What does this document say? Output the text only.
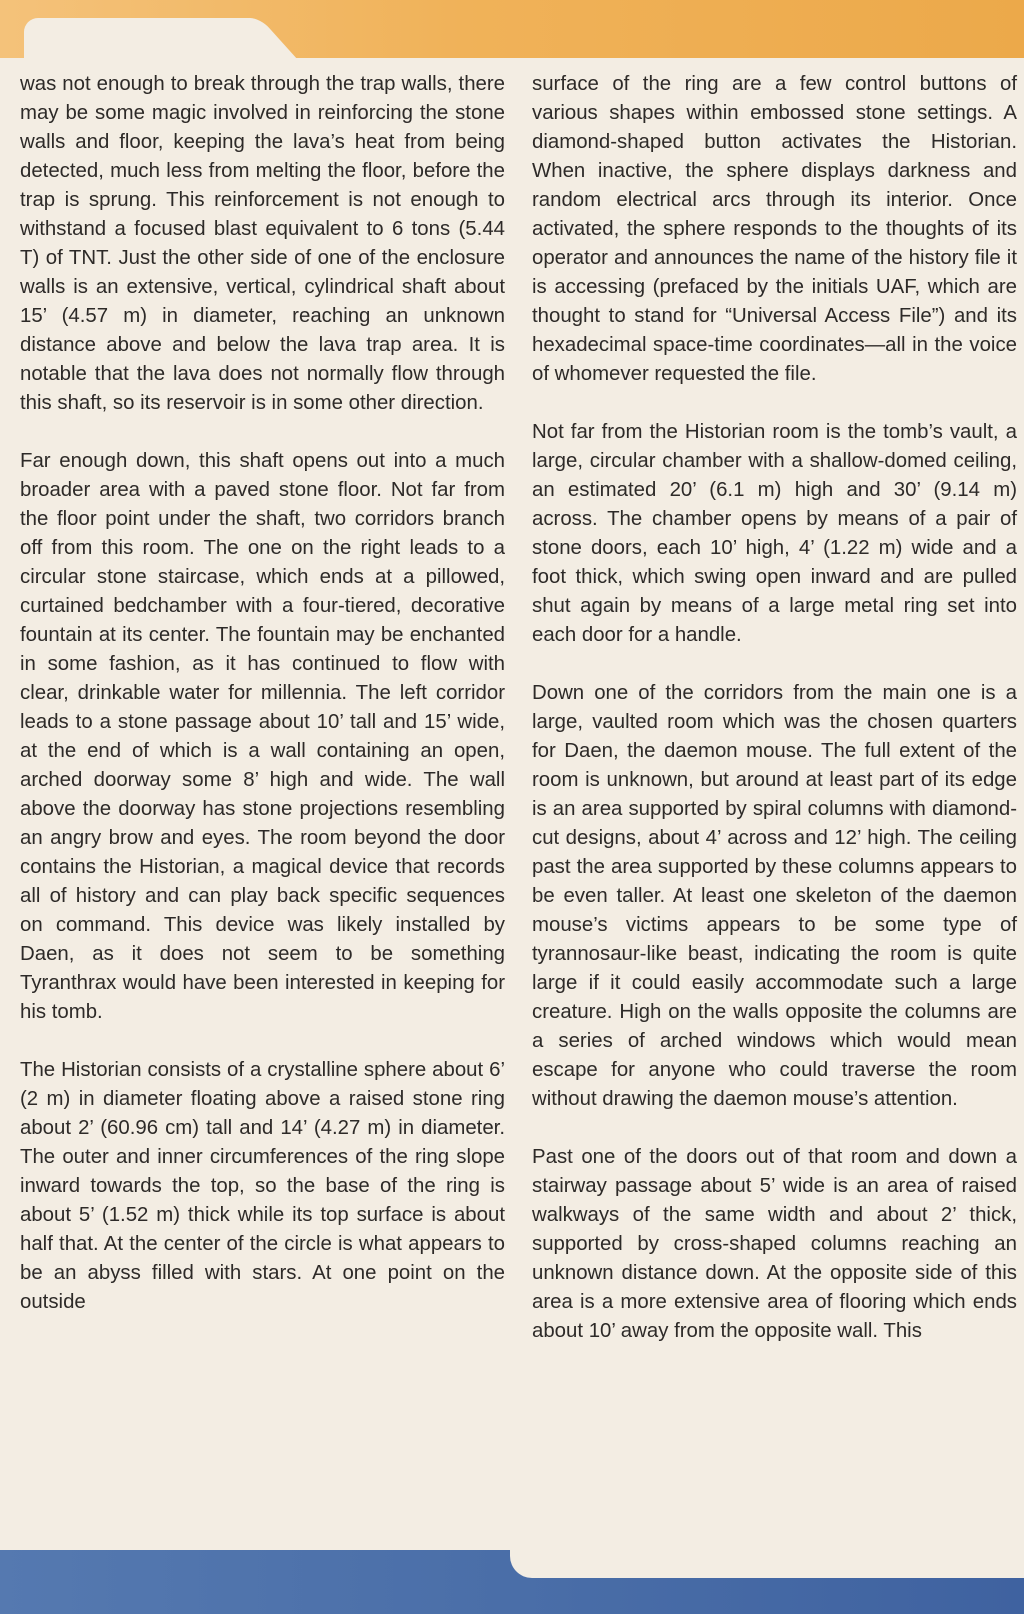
was not enough to break through the trap walls, there may be some magic involved in reinforcing the stone walls and floor, keeping the lava’s heat from being detected, much less from melting the floor, before the trap is sprung. This reinforcement is not enough to withstand a focused blast equivalent to 6 tons (5.44 T) of TNT. Just the other side of one of the enclosure walls is an extensive, vertical, cylindrical shaft about 15’ (4.57 m) in diameter, reaching an unknown distance above and below the lava trap area. It is notable that the lava does not normally flow through this shaft, so its reservoir is in some other direction.

Far enough down, this shaft opens out into a much broader area with a paved stone floor. Not far from the floor point under the shaft, two corridors branch off from this room. The one on the right leads to a circular stone staircase, which ends at a pillowed, curtained bedchamber with a four-tiered, decorative fountain at its center. The fountain may be enchanted in some fashion, as it has continued to flow with clear, drinkable water for millennia. The left corridor leads to a stone passage about 10’ tall and 15’ wide, at the end of which is a wall containing an open, arched doorway some 8’ high and wide. The wall above the doorway has stone projections resembling an angry brow and eyes. The room beyond the door contains the Historian, a magical device that records all of history and can play back specific sequences on command. This device was likely installed by Daen, as it does not seem to be something Tyranthrax would have been interested in keeping for his tomb.

The Historian consists of a crystalline sphere about 6’ (2 m) in diameter floating above a raised stone ring about 2’ (60.96 cm) tall and 14’ (4.27 m) in diameter. The outer and inner circumferences of the ring slope inward towards the top, so the base of the ring is about 5’ (1.52 m) thick while its top surface is about half that. At the center of the circle is what appears to be an abyss filled with stars. At one point on the outside

surface of the ring are a few control buttons of various shapes within embossed stone settings. A diamond-shaped button activates the Historian. When inactive, the sphere displays darkness and random electrical arcs through its interior. Once activated, the sphere responds to the thoughts of its operator and announces the name of the history file it is accessing (prefaced by the initials UAF, which are thought to stand for “Universal Access File”) and its hexadecimal space-time coordinates—all in the voice of whomever requested the file.

Not far from the Historian room is the tomb’s vault, a large, circular chamber with a shallow-domed ceiling, an estimated 20’ (6.1 m) high and 30’ (9.14 m) across. The chamber opens by means of a pair of stone doors, each 10’ high, 4’ (1.22 m) wide and a foot thick, which swing open inward and are pulled shut again by means of a large metal ring set into each door for a handle.

Down one of the corridors from the main one is a large, vaulted room which was the chosen quarters for Daen, the daemon mouse. The full extent of the room is unknown, but around at least part of its edge is an area supported by spiral columns with diamond-cut designs, about 4’ across and 12’ high. The ceiling past the area supported by these columns appears to be even taller. At least one skeleton of the daemon mouse’s victims appears to be some type of tyrannosaur-like beast, indicating the room is quite large if it could easily accommodate such a large creature. High on the walls opposite the columns are a series of arched windows which would mean escape for anyone who could traverse the room without drawing the daemon mouse’s attention.

Past one of the doors out of that room and down a stairway passage about 5’ wide is an area of raised walkways of the same width and about 2’ thick, supported by cross-shaped columns reaching an unknown distance down. At the opposite side of this area is a more extensive area of flooring which ends about 10’ away from the opposite wall. This
